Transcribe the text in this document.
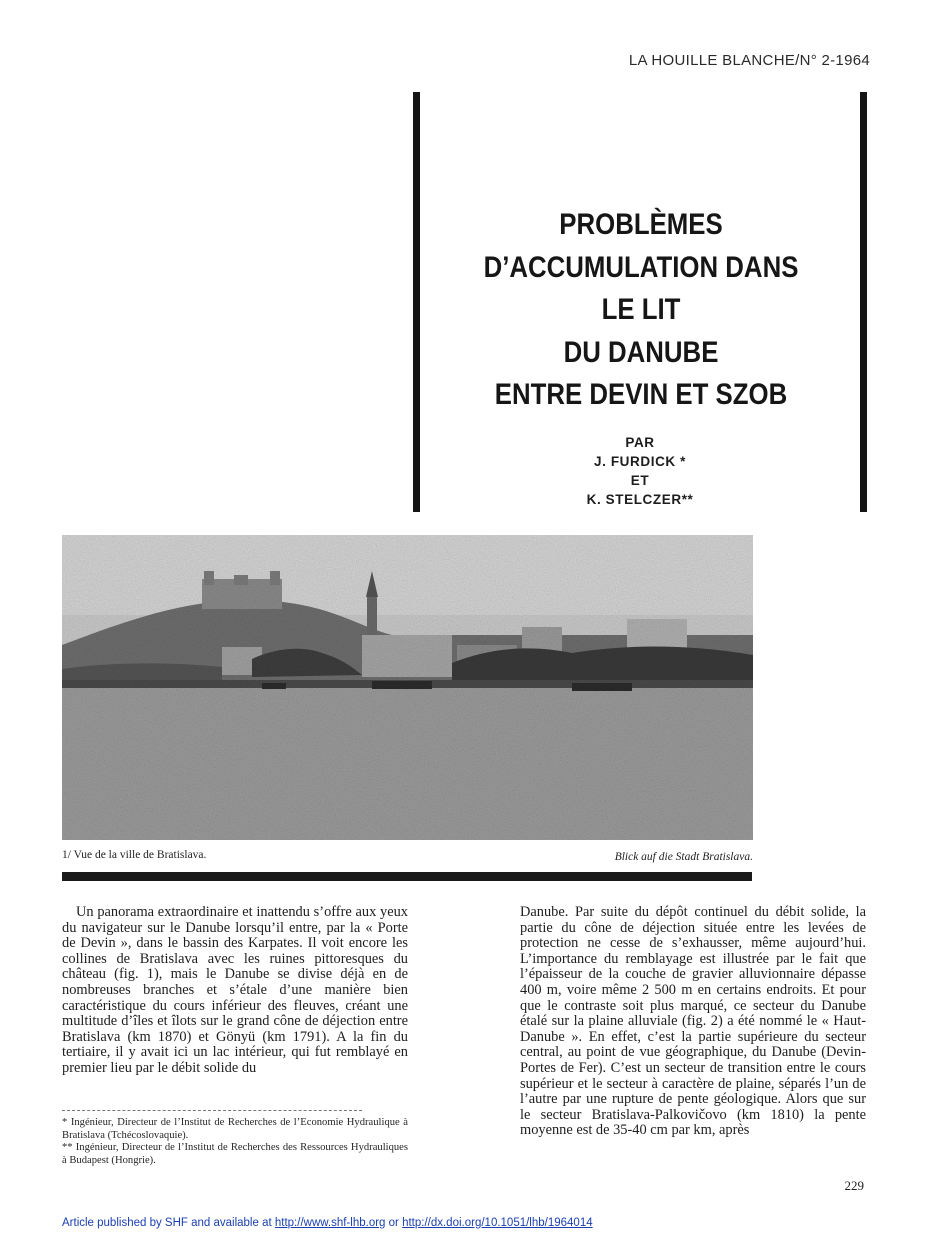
LA HOUILLE BLANCHE/N° 2-1964
PROBLÈMES
D’ACCUMULATION DANS
LE LIT
DU DANUBE
ENTRE DEVIN ET SZOB
PAR
J. FURDICK *
ET
K. STELCZER**
1/ Vue de la ville de Bratislava.	Blick auf die Stadt Bratislava.

Un panorama extraordinaire et inattendu s’offre aux yeux du navigateur sur le Danube lorsqu’il entre, par la « Porte de Devin », dans le bassin des Karpates. Il voit encore les collines de Bratislava avec les ruines pittoresques du château (fig. 1), mais le Danube se divise déjà en de nombreuses branches et s’étale d’une manière bien caractéristique du cours inférieur des fleuves, créant une multitude d’îles et îlots sur le grand cône de déjection entre Bratislava (km 1870) et Gönyü (km 1791). A la fin du tertiaire, il y avait ici un lac intérieur, qui fut remblayé en premier lieu par le débit solide du

Danube. Par suite du dépôt continuel du débit solide, la partie du cône de déjection située entre les levées de protection ne cesse de s’exhausser, même aujourd’hui. L’importance du remblayage est illustrée par le fait que l’épaisseur de la couche de gravier alluvionnaire dépasse 400 m, voire même 2 500 m en certains endroits. Et pour que le contraste soit plus marqué, ce secteur du Danube étalé sur la plaine alluviale (fig. 2) a été nommé le « Haut-Danube ». En effet, c’est la partie supérieure du secteur central, au point de vue géographique, du Danube (Devin-Portes de Fer). C’est un secteur de transition entre le cours supérieur et le secteur à caractère de plaine, séparés l’un de l’autre par une rupture de pente géologique. Alors que sur le secteur Bratislava-Palkovičovo (km 1810) la pente moyenne est de 35-40 cm par km, après

* Ingénieur, Directeur de l’Institut de Recherches de l’Economie Hydraulique à Bratislava (Tchécoslovaquie).
** Ingénieur, Directeur de l’Institut de Recherches des Ressources Hydrauliques à Budapest (Hongrie).
229
Article published by SHF and available at http://www.shf-lhb.org or http://dx.doi.org/10.1051/lhb/1964014
